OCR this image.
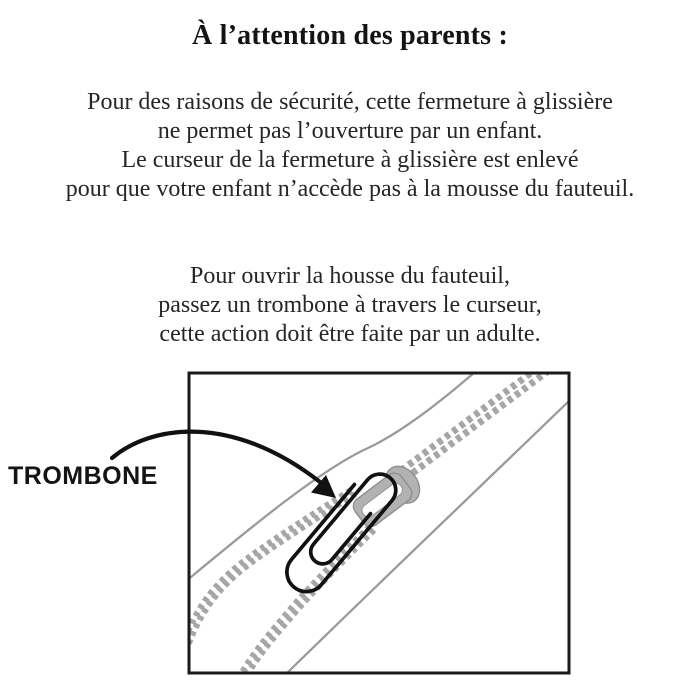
À l’attention des parents :
Pour des raisons de sécurité, cette fermeture à glissière
ne permet pas l’ouverture par un enfant.
Le curseur de la fermeture à glissière est enlevé
pour que votre enfant n’accède pas à la mousse du fauteuil.
Pour ouvrir la housse du fauteuil,
passez un trombone à travers le curseur,
cette action doit être faite par un adulte.
TROMBONE
